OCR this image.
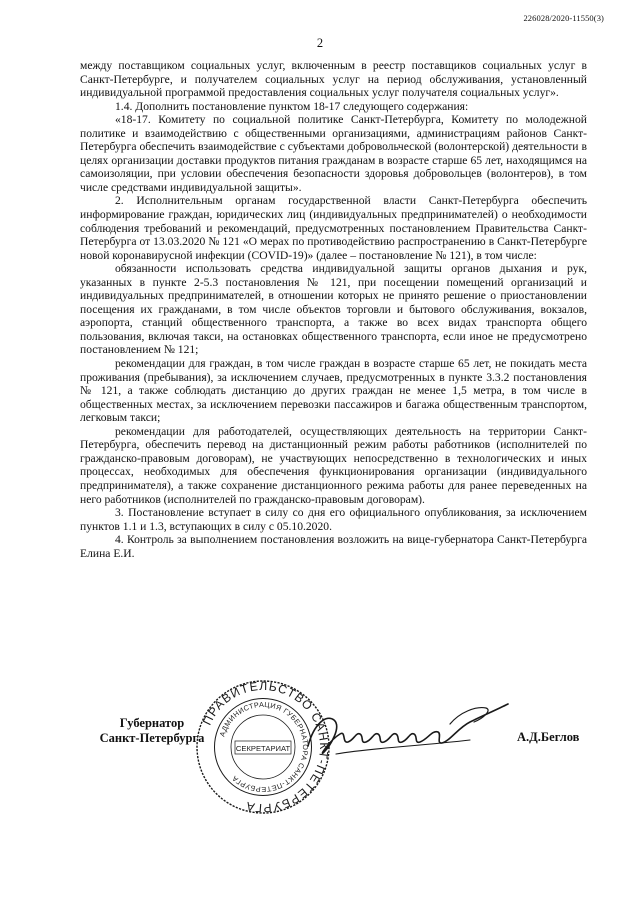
226028/2020-11550(3)
2

между поставщиком социальных услуг, включенным в реестр поставщиков социальных услуг в Санкт-Петербурге, и получателем социальных услуг на период обслуживания, установленный индивидуальной программой предоставления социальных услуг получателя социальных услуг».

1.4. Дополнить постановление пунктом 18-17 следующего содержания:

«18-17. Комитету по социальной политике Санкт-Петербурга, Комитету по молодежной политике и взаимодействию с общественными организациями, администрациям районов Санкт-Петербурга обеспечить взаимодействие с субъектами добровольческой (волонтерской) деятельности в целях организации доставки продуктов питания гражданам в возрасте старше 65 лет, находящимся на самоизоляции, при условии обеспечения безопасности здоровья добровольцев (волонтеров), в том числе средствами индивидуальной защиты».

2. Исполнительным органам государственной власти Санкт-Петербурга обеспечить информирование граждан, юридических лиц (индивидуальных предпринимателей) о необходимости соблюдения требований и рекомендаций, предусмотренных постановлением Правительства Санкт-Петербурга от 13.03.2020 № 121 «О мерах по противодействию распространению в Санкт-Петербурге новой коронавирусной инфекции (COVID-19)» (далее – постановление № 121), в том числе:

обязанности использовать средства индивидуальной защиты органов дыхания и рук, указанных в пункте 2-5.3 постановления № 121, при посещении помещений организаций и индивидуальных предпринимателей, в отношении которых не принято решение о приостановлении посещения их гражданами, в том числе объектов торговли и бытового обслуживания, вокзалов, аэропорта, станций общественного транспорта, а также во всех видах транспорта общего пользования, включая такси, на остановках общественного транспорта, если иное не предусмотрено постановлением № 121;

рекомендации для граждан, в том числе граждан в возрасте старше 65 лет, не покидать места проживания (пребывания), за исключением случаев, предусмотренных в пункте 3.3.2 постановления № 121, а также соблюдать дистанцию до других граждан не менее 1,5 метра, в том числе в общественных местах, за исключением перевозки пассажиров и багажа общественным транспортом, легковым такси;

рекомендации для работодателей, осуществляющих деятельность на территории Санкт-Петербурга, обеспечить перевод на дистанционный режим работы работников (исполнителей по гражданско-правовым договорам), не участвующих непосредственно в технологических и иных процессах, необходимых для обеспечения функционирования организации (индивидуального предпринимателя), а также сохранение дистанционного режима работы для ранее переведенных на него работников (исполнителей по гражданско-правовым договорам).

3. Постановление вступает в силу со дня его официального опубликования, за исключением пунктов 1.1 и 1.3, вступающих в силу с 05.10.2020.

4. Контроль за выполнением постановления возложить на вице-губернатора Санкт-Петербурга Елина Е.И.

Губернатор
Санкт-Петербурга
ПРАВИТЕЛЬСТВО САНКТ-ПЕТЕРБУРГА
АДМИНИСТРАЦИЯ ГУБЕРНАТОРА САНКТ-ПЕТЕРБУРГА
СЕКРЕТАРИАТ
А.Д.Беглов
